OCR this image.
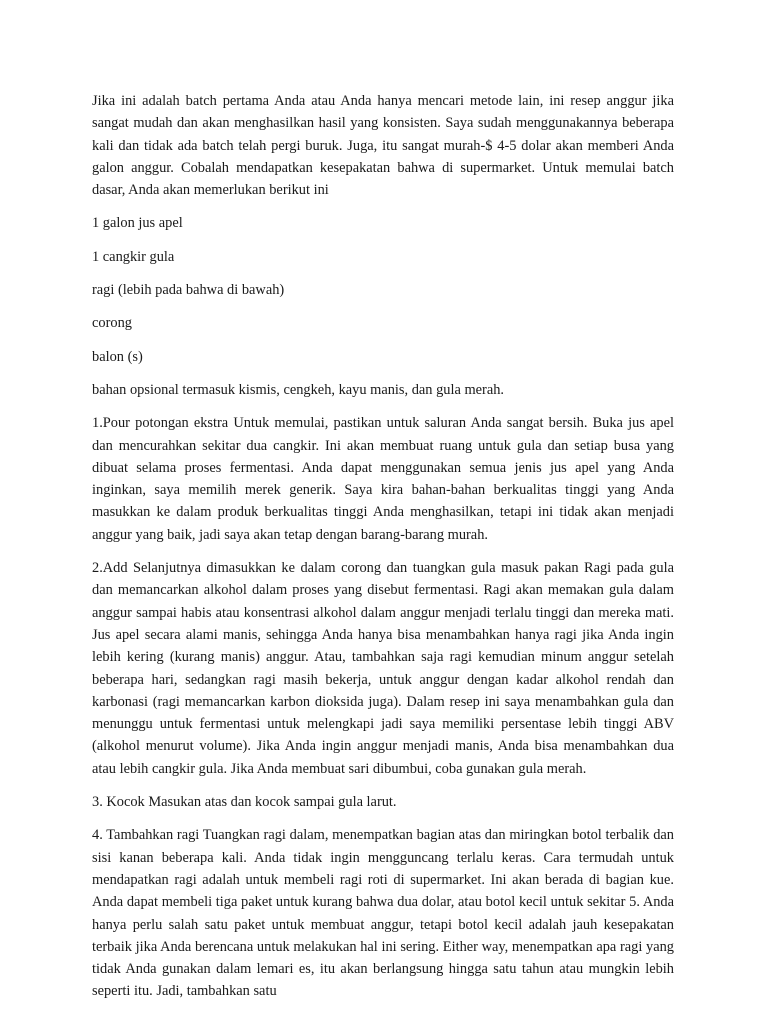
Jika ini adalah batch pertama Anda atau Anda hanya mencari metode lain, ini resep anggur jika sangat mudah dan akan menghasilkan hasil yang konsisten. Saya sudah menggunakannya beberapa kali dan tidak ada batch telah pergi buruk. Juga, itu sangat murah-$ 4-5 dolar akan memberi Anda galon anggur. Cobalah mendapatkan kesepakatan bahwa di supermarket. Untuk memulai batch dasar, Anda akan memerlukan berikut ini

1 galon jus apel

1 cangkir gula

ragi (lebih pada bahwa di bawah)

corong

balon (s)

bahan opsional termasuk kismis, cengkeh, kayu manis, dan gula merah.

1.Pour potongan ekstra Untuk memulai, pastikan untuk saluran Anda sangat bersih. Buka jus apel dan mencurahkan sekitar dua cangkir. Ini akan membuat ruang untuk gula dan setiap busa yang dibuat selama proses fermentasi. Anda dapat menggunakan semua jenis jus apel yang Anda inginkan, saya memilih merek generik. Saya kira bahan-bahan berkualitas tinggi yang Anda masukkan ke dalam produk berkualitas tinggi Anda menghasilkan, tetapi ini tidak akan menjadi anggur yang baik, jadi saya akan tetap dengan barang-barang murah.

2.Add Selanjutnya dimasukkan ke dalam corong dan tuangkan gula masuk pakan Ragi pada gula dan memancarkan alkohol dalam proses yang disebut fermentasi. Ragi akan memakan gula dalam anggur sampai habis atau konsentrasi alkohol dalam anggur menjadi terlalu tinggi dan mereka mati. Jus apel secara alami manis, sehingga Anda hanya bisa menambahkan hanya ragi jika Anda ingin lebih kering (kurang manis) anggur. Atau, tambahkan saja ragi kemudian minum anggur setelah beberapa hari, sedangkan ragi masih bekerja, untuk anggur dengan kadar alkohol rendah dan karbonasi (ragi memancarkan karbon dioksida juga). Dalam resep ini saya menambahkan gula dan menunggu untuk fermentasi untuk melengkapi jadi saya memiliki persentase lebih tinggi ABV (alkohol menurut volume). Jika Anda ingin anggur menjadi manis, Anda bisa menambahkan dua atau lebih cangkir gula. Jika Anda membuat sari dibumbui, coba gunakan gula merah.

3. Kocok Masukan atas dan kocok sampai gula larut.

4. Tambahkan ragi Tuangkan ragi dalam, menempatkan bagian atas dan miringkan botol terbalik dan sisi kanan beberapa kali. Anda tidak ingin mengguncang terlalu keras. Cara termudah untuk mendapatkan ragi adalah untuk membeli ragi roti di supermarket. Ini akan berada di bagian kue. Anda dapat membeli tiga paket untuk kurang bahwa dua dolar, atau botol kecil untuk sekitar 5. Anda hanya perlu salah satu paket untuk membuat anggur, tetapi botol kecil adalah jauh kesepakatan terbaik jika Anda berencana untuk melakukan hal ini sering. Either way, menempatkan apa ragi yang tidak Anda gunakan dalam lemari es, itu akan berlangsung hingga satu tahun atau mungkin lebih seperti itu. Jadi, tambahkan satu
